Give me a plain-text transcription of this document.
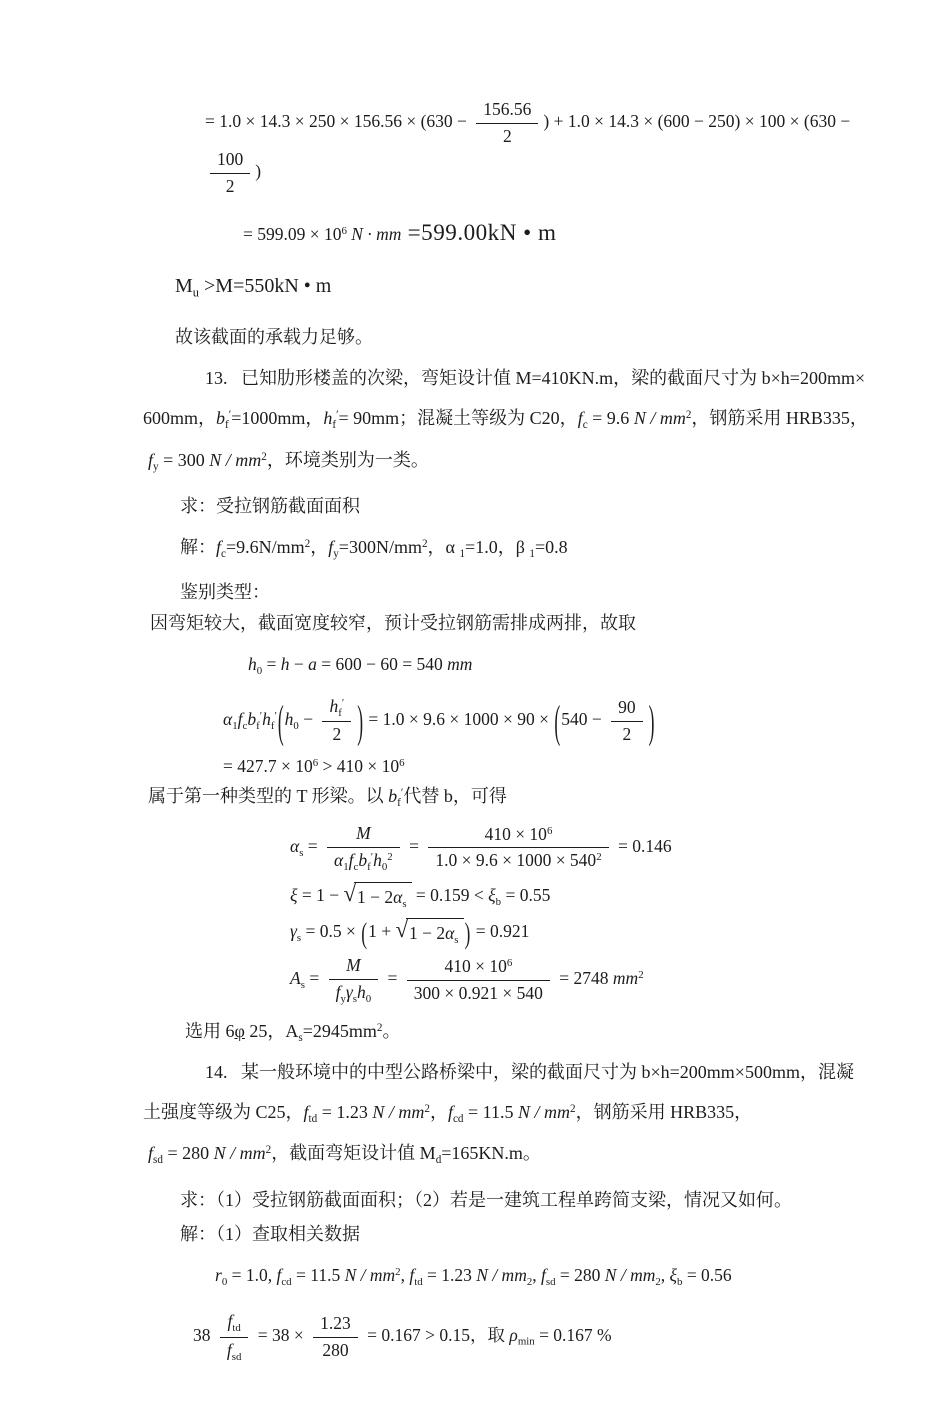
= $1.0 \times 14.3 \times 250 \times 156.56 \times (630 - \frac{156.56}{2}$ ) + 1.0 × 14.3 × (600 − 250) × 100 × (630 −
$\frac{100}{2}$ )
= $599.09 \times 10^6$ N · mm =599.00kN • m
$M_u >M=550kN$ • m
故该截面的承载力足够。
13.   已知肋形楼盖的次梁，弯矩设计值 M=410KN.m，梁的截面尺寸为 b×h=200mm×
600mm，$b_f'=1000mm$，$h_f'= 90mm$；混凝土等级为 C20，$f_c = 9.6$ N / $mm^2$，钢筋采用 HRB335，
$f_y = 300$ N / $mm^2$，环境类别为一类。
求：受拉钢筋截面面积
解：$f_c=9.6N/mm^2$，$f_y=300N/mm^2$，α $_1$=1.0，β $_1$=0.8
鉴别类型：
因弯矩较大，截面宽度较窄，预计受拉钢筋需排成两排，故取
$h_0 = h - a = 600 - 60 = 540$ mm
$\alpha_1f_cb_f'h_f'(h_0 - \frac{h_f'}{2}$ ) = $1.0 \times 9.6 \times 1000 \times 90 \times (540 - \frac{90}{2}$ )
= $427.7 \times 10^6 > 410 \times 10^6$
属于第一种类型的 T 形梁。以 $b_f'$代替 b，可得
$\alpha_s = \frac{M}{\alpha_1f_cb_f'h_0^2} = \frac{410 \times 10^6}{1.0 \times 9.6 \times 1000 \times 540^2} = 0.146$
ξ = 1 − √ $1 - 2\alpha_s = 0.159 < \xi_b = 0.55$
$\gamma_s = 0.5 \times (1$ + √ $1 - 2\alpha_s$ ) = 0.921
$A_s = \frac{M}{f_y\gamma_sh_0} = \frac{410 \times 10^6}{300 \times 0.921 \times 540} = 2748$ $mm^2$
选用 6φ 25，$A_s=2945mm^2$。
14.   某一般环境中的中型公路桥梁中，梁的截面尺寸为 b×h=200mm×500mm，混凝
土强度等级为 C25，$f_{td} = 1.23$ N / $mm^2$，$f_{cd} = 11.5$ N / $mm^2$，钢筋采用 HRB335，
$f_{sd} = 280$ N / $mm^2$，截面弯矩设计值 $M_d=165KN.m$。
求：（1）受拉钢筋截面面积；（2）若是一建筑工程单跨简支梁，情况又如何。
解：（1）查取相关数据
$r_0 = 1.0$, $f_{cd} = 11.5$ N / $mm^2$, $f_{td} = 1.23$ N / $mm_2$, $f_{sd} = 280$ N / $mm_2$, $\xi_b = 0.56$
$38 \frac{f_{td}}{f_{sd}} = 38 \times \frac{1.23}{280} = 0.167 > 0.15$，取 $\rho_{min} = 0.167$ %
